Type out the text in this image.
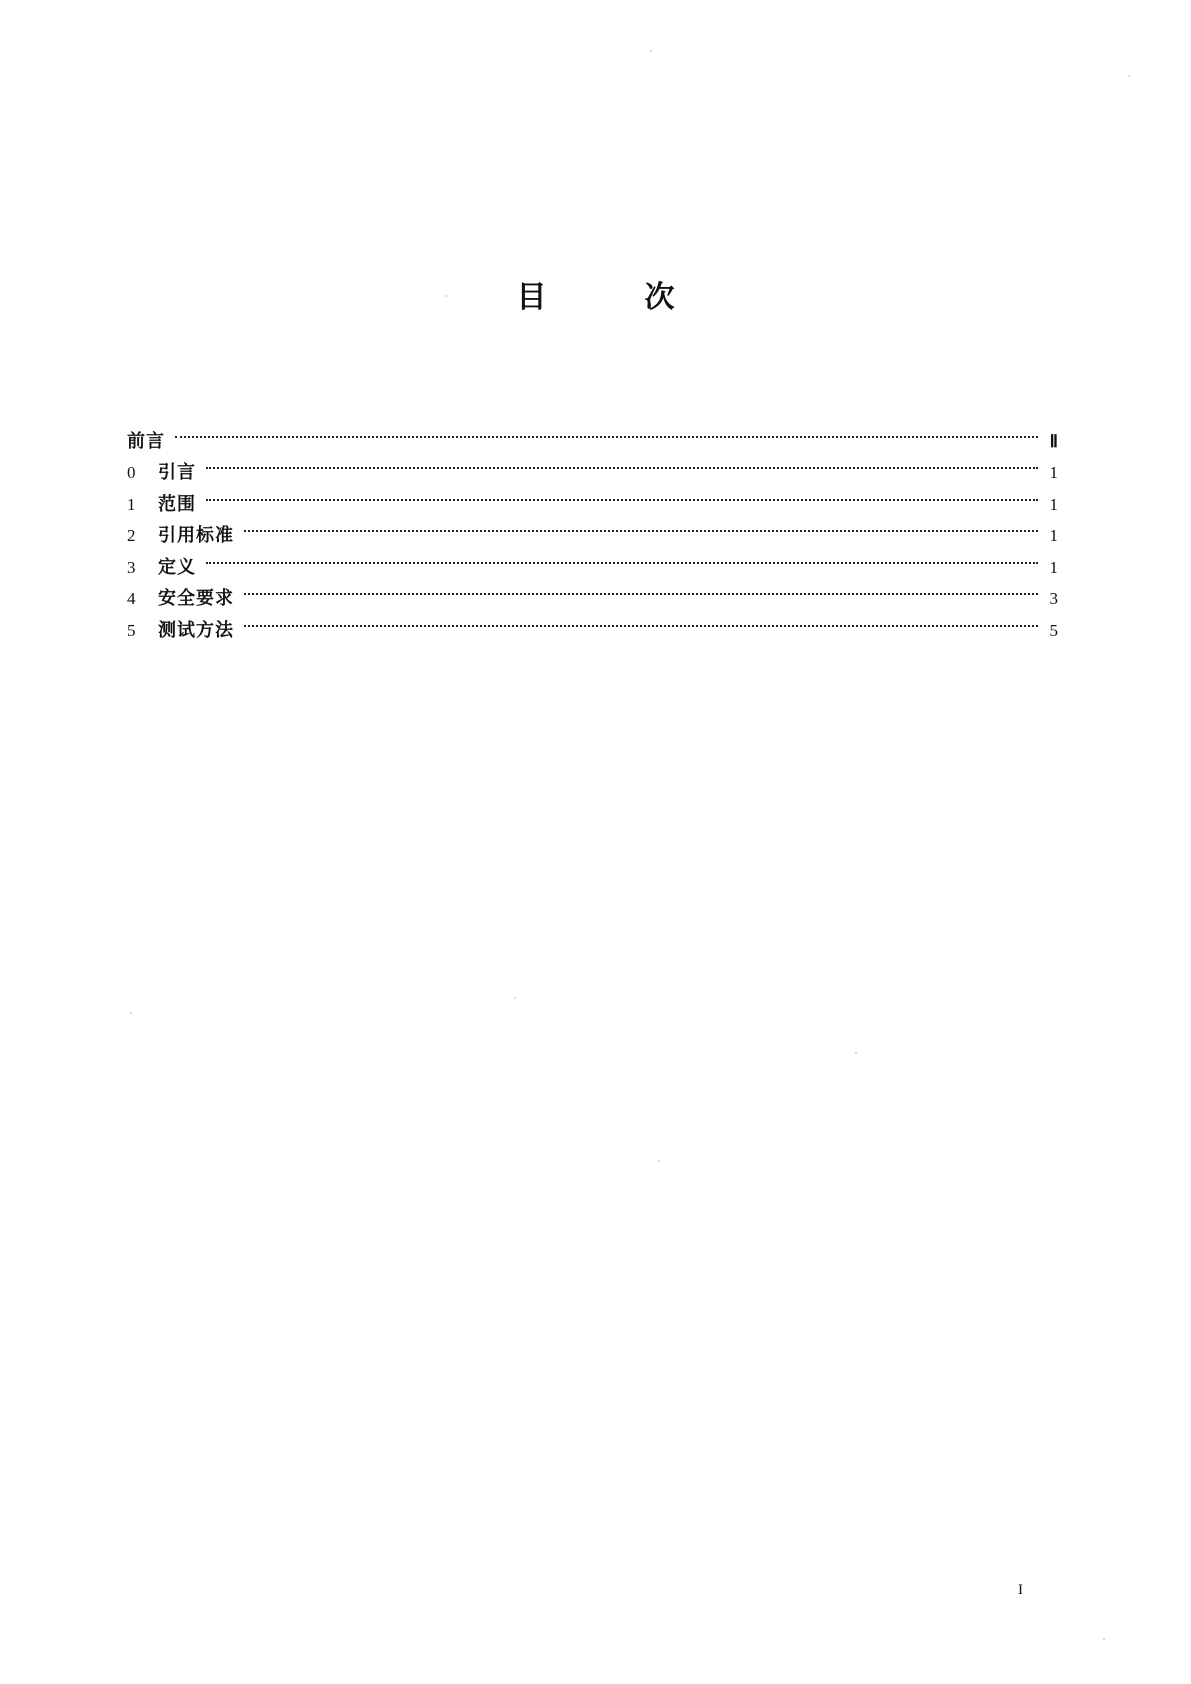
目	次
前言	Ⅱ
0	引言	1
1	范围	1
2	引用标准	1
3	定义	1
4	安全要求	3
5	测试方法	5
I
